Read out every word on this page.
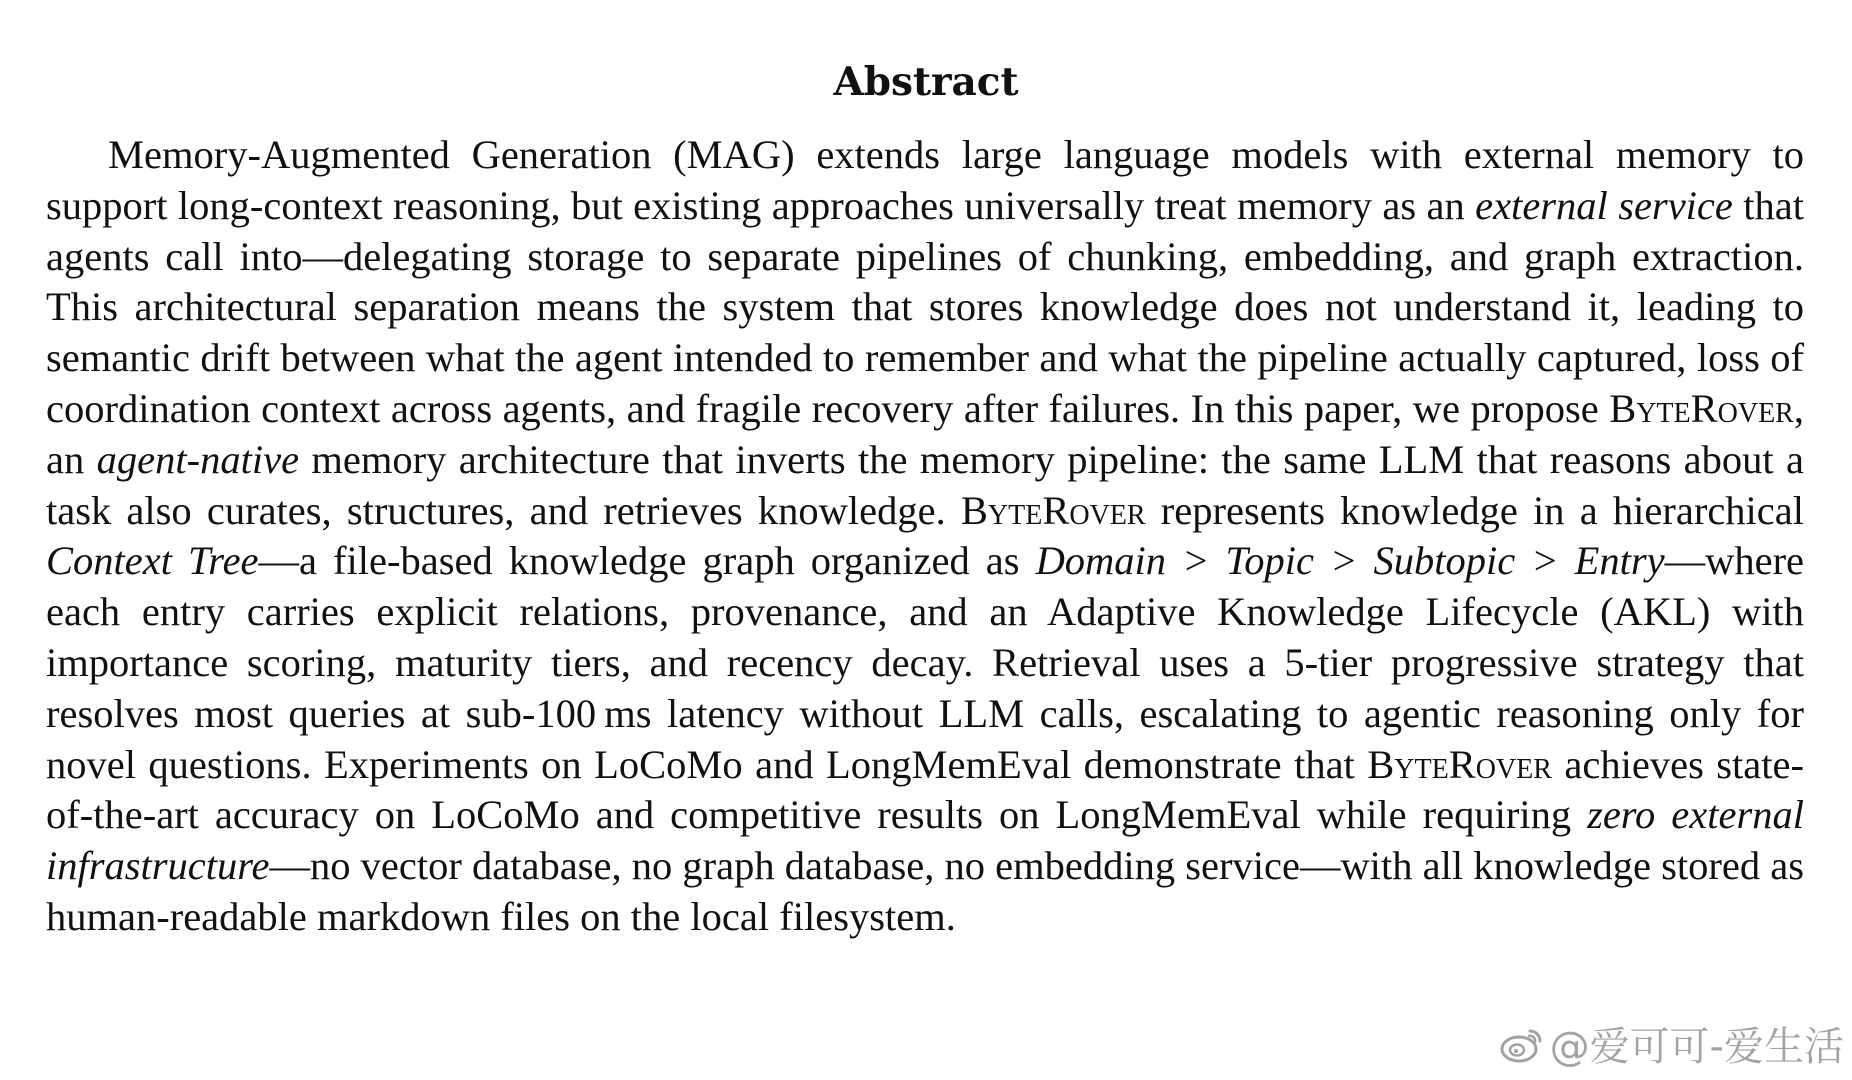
Abstract

Memory-Augmented Generation (MAG) extends large language models with external memory to support long-context reasoning, but existing approaches universally treat memory as an external service that agents call into—delegating storage to separate pipelines of chunking, embedding, and graph extraction. This architectural separation means the system that stores knowledge does not understand it, leading to semantic drift between what the agent intended to remember and what the pipeline actually captured, loss of coordination context across agents, and fragile recovery after failures. In this paper, we propose ByteRover, an agent-native memory architecture that inverts the memory pipeline: the same LLM that reasons about a task also curates, structures, and retrieves knowledge. ByteRover represents knowledge in a hierarchical Context Tree—a file-based knowledge graph organized as Domain > Topic > Subtopic > Entry—where each entry carries explicit relations, provenance, and an Adaptive Knowledge Lifecycle (AKL) with importance scoring, maturity tiers, and recency decay. Retrieval uses a 5-tier progressive strategy that resolves most queries at sub-100 ms latency without LLM calls, escalating to agentic reasoning only for novel questions. Experiments on LoCoMo and LongMemEval demonstrate that ByteRover achieves state-of-the-art accuracy on LoCoMo and competitive results on LongMemEval while requiring zero external infrastructure—no vector database, no graph database, no embedding service—with all knowledge stored as human-readable markdown files on the local filesystem.

@爱可可-爱生活
